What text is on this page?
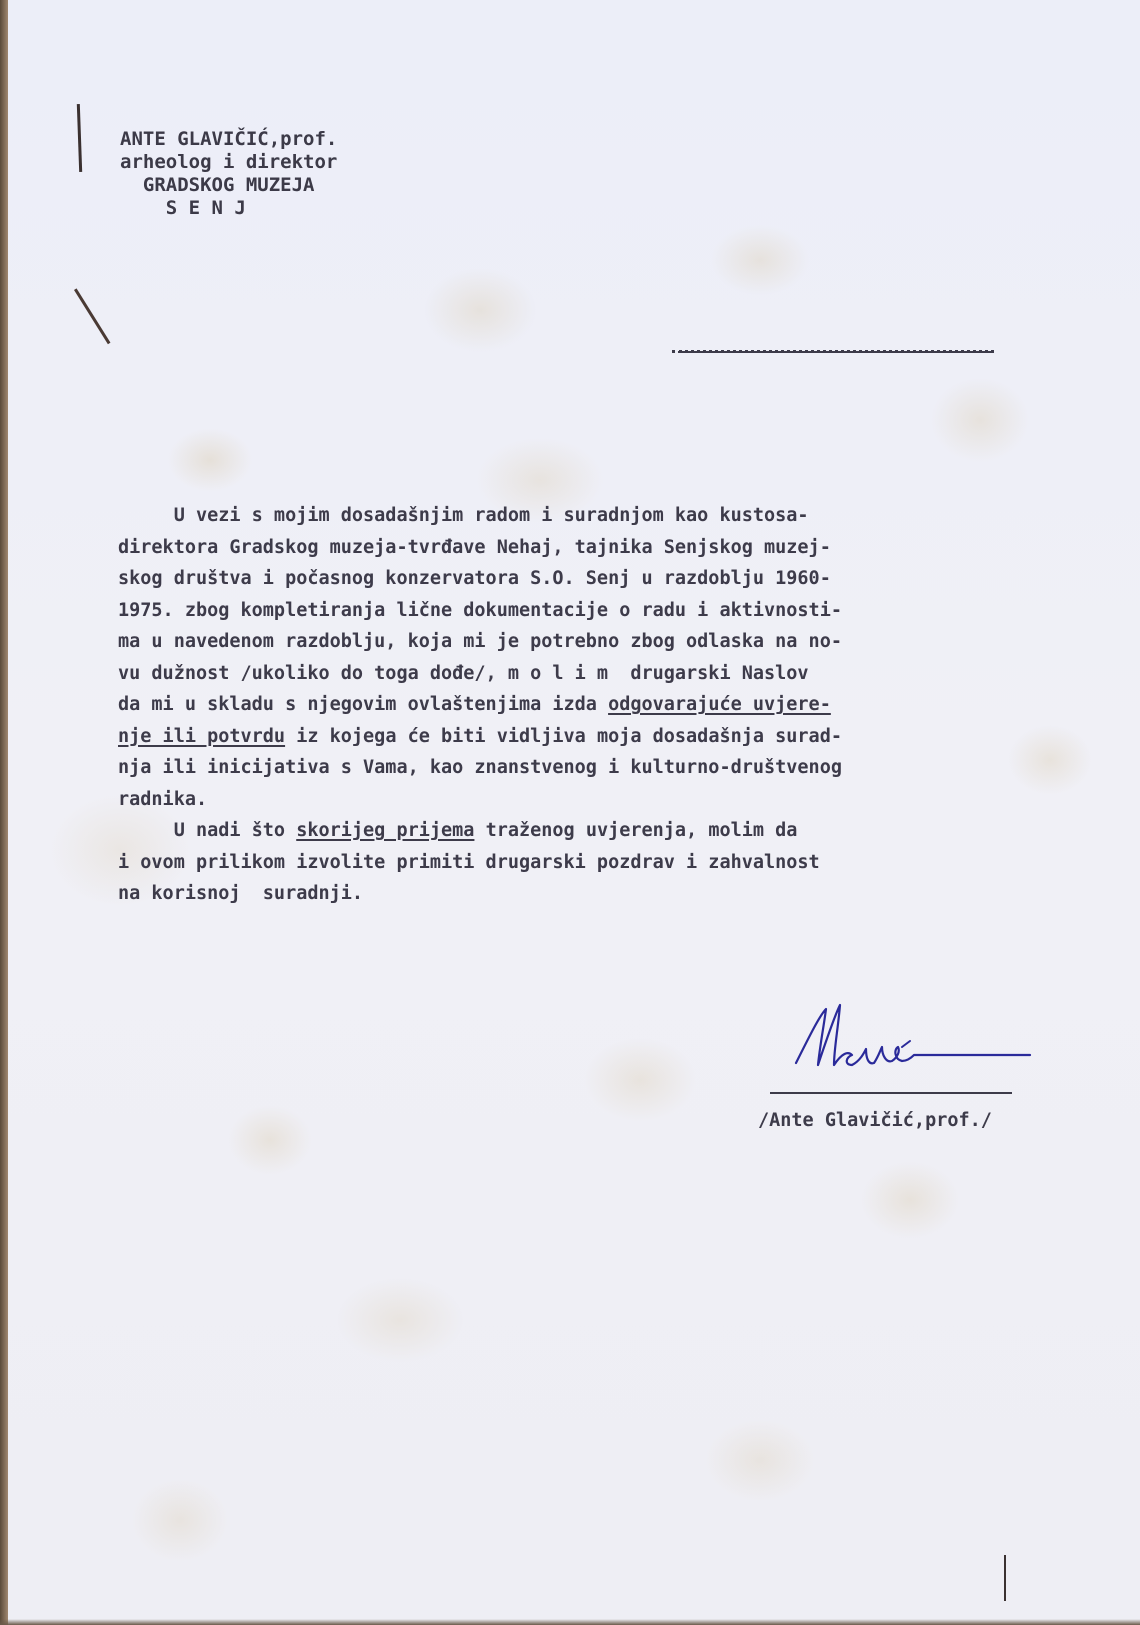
ANTE GLAVIČIĆ,prof.
arheolog i direktor
GRADSKOG MUZEJA
S E N J
U vezi s mojim dosadašnjim radom i suradnjom kao kustosa-
direktora Gradskog muzeja-tvrđave Nehaj, tajnika Senjskog muzej-
skog društva i počasnog konzervatora S.O. Senj u razdoblju 1960-
1975. zbog kompletiranja lične dokumentacije o radu i aktivnosti-
ma u navedenom razdoblju, koja mi je potrebno zbog odlaska na no-
vu dužnost /ukoliko do toga dođe/, m o l i m  drugarski Naslov
da mi u skladu s njegovim ovlaštenjima izda odgovarajuće uvjere-
nje ili potvrdu iz kojega će biti vidljiva moja dosadašnja surad-
nja ili inicijativa s Vama, kao znanstvenog i kulturno-društvenog
radnika.
U nadi što skorijeg prijema traženog uvjerenja, molim da
i ovom prilikom izvolite primiti drugarski pozdrav i zahvalnost
na korisnoj  suradnji.
/Ante Glavičić,prof./
